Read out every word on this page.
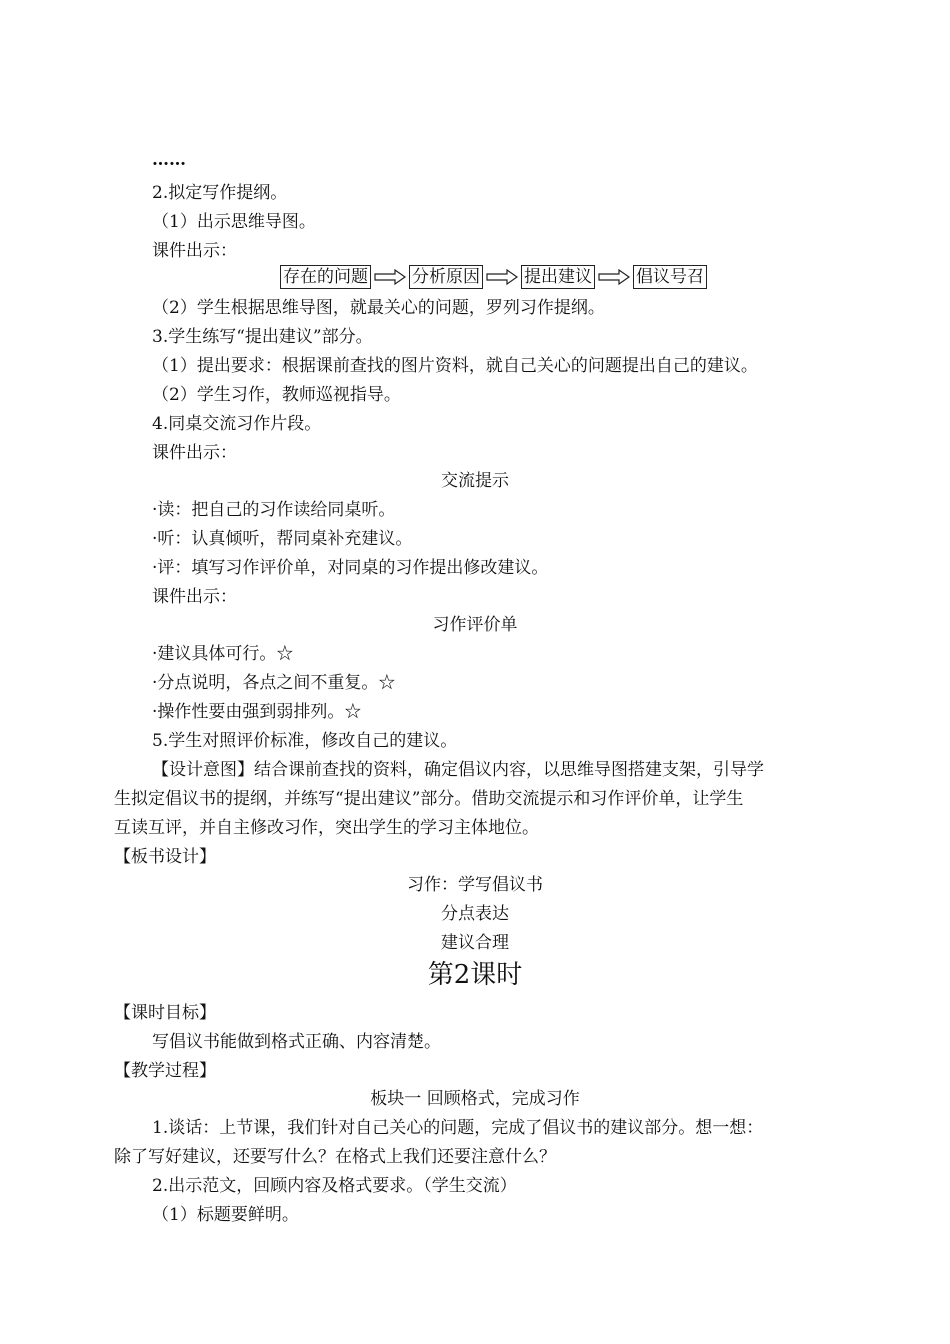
……
2.拟定写作提纲。
（1）出示思维导图。
课件出示：
存在的问题	分析原因	提出建议	倡议号召
（2）学生根据思维导图，就最关心的问题，罗列习作提纲。
3.学生练写“提出建议”部分。
（1）提出要求：根据课前查找的图片资料，就自己关心的问题提出自己的建议。
（2）学生习作，教师巡视指导。
4.同桌交流习作片段。
课件出示：
交流提示
·读：把自己的习作读给同桌听。
·听：认真倾听，帮同桌补充建议。
·评：填写习作评价单，对同桌的习作提出修改建议。
课件出示：
习作评价单
·建议具体可行。☆
·分点说明，各点之间不重复。☆
·操作性要由强到弱排列。☆
5.学生对照评价标准，修改自己的建议。
【设计意图】结合课前查找的资料，确定倡议内容，以思维导图搭建支架，引导学
生拟定倡议书的提纲，并练写“提出建议”部分。借助交流提示和习作评价单，让学生
互读互评，并自主修改习作，突出学生的学习主体地位。
【板书设计】
习作：学写倡议书
分点表达
建议合理
第2课时
【课时目标】
写倡议书能做到格式正确、内容清楚。
【教学过程】
板块一 回顾格式，完成习作
1.谈话：上节课，我们针对自己关心的问题，完成了倡议书的建议部分。想一想：
除了写好建议，还要写什么？在格式上我们还要注意什么？
2.出示范文，回顾内容及格式要求。（学生交流）
（1）标题要鲜明。
